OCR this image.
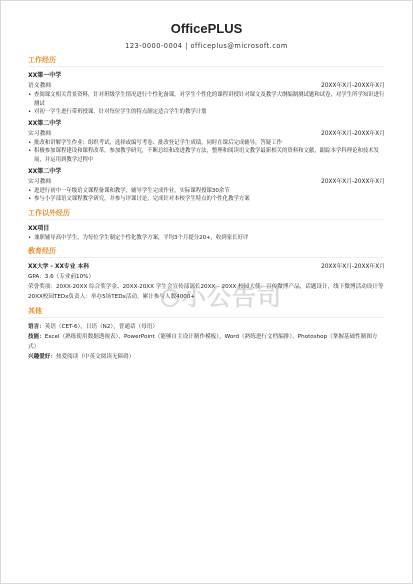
OfficePLUS
123-0000-0004 | officeplus@microsoft.com
工作经历
XX第一中学
语文教师	20XX年X月-20XX年X月
• 查阅课文相关背景资料，针对班级学生情况进行个性化备课，对学生个性化的课程讲授针对课文及教学大纲编制测试题和试卷，对学生所学知识进行测试
• 对初一学生进行带班授课，针对每位学生的特点制定适合学生的教学计划
XX第二中学
实习教师	20XX年X月-20XX年X月
• 批改和讲解学生作业；组织考试，选择或编写考卷、批改登记学生成绩，同时在课后完成辅导，答疑工作
• 积极参加课程建设和课程改革，参加教学研究，不断总结和改进教学方法，整理和阅读语文教学最新相关的资料和文献，跟踪本学科理论和技术发展，并运用到教学过程中
XX第二中学
实习教师	20XX年X月-20XX年X月
• 进进行初中一年级语文课程备课和教学，辅导学生完成作业，实际课程授课30余节
• 参与小学部语文课程教学研究，并参与评课讨论，完成针对本校学生特点的个性化教学方案
工作以外经历
XX项目
• 兼职辅导高中学生，为每位学生制定个性化教学方案，平均3个月提分20+，收到家长好评
教育经历
XX大学 - XX专业 本科	20XX年X月-20XX年X月
GPA：3.6（专业前10%）
荣誉奖项：20XX-20XX 综合奖学金、20XX-20XX 学生会宣传部部长20XX – 20XX 校园大使：宣传微博产品，话题设计，线下微博活动设计等
20XX校园TEDx负责人：举办5场TEDx活动，累计参与人数4000+
其他
语言：英语（CET-6），日语（N2），普通话（母语）
技能：Excel（熟练使用数据透视表），PowerPoint（能够自主设计制作模板），Word（熟练进行文档编排），Photoshop（掌握基础性制图方式）
兴趣爱好：热爱阅读（中英文阅读无障碍）
小公告司
